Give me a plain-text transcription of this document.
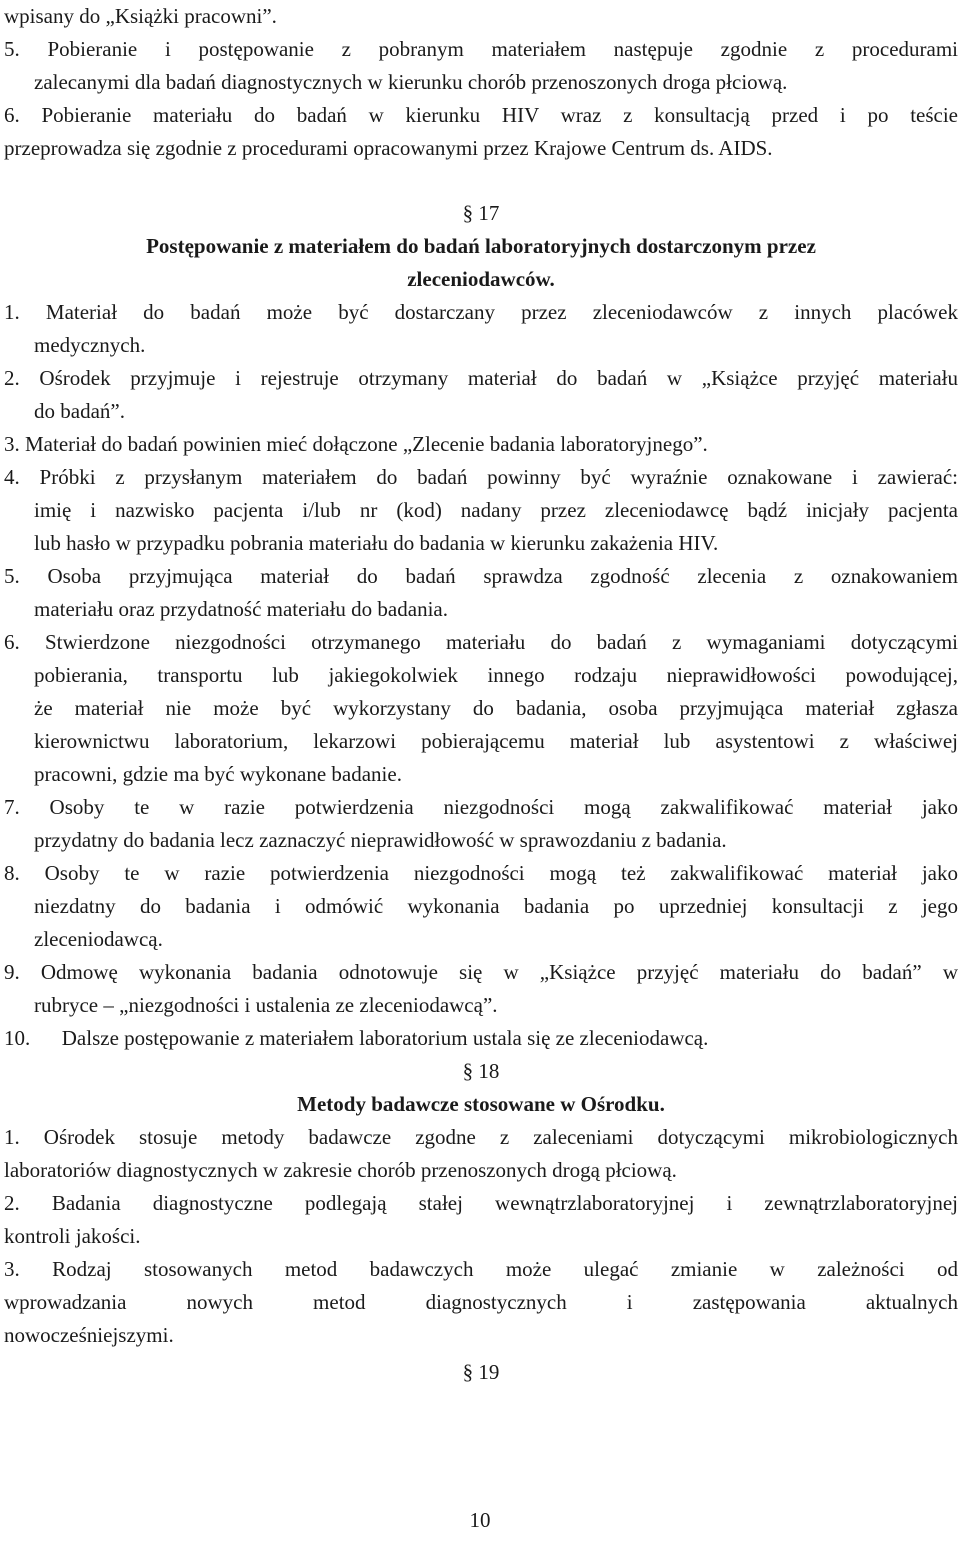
wpisany do „Książki pracowni”.
5. Pobieranie i postępowanie z pobranym materiałem następuje zgodnie z procedurami
zalecanymi dla badań diagnostycznych w kierunku chorób przenoszonych droga płciową.
6. Pobieranie materiału do badań w kierunku HIV wraz z konsultacją przed i po teście
przeprowadza się zgodnie z procedurami opracowanymi przez Krajowe Centrum ds. AIDS.
§ 17
Postępowanie z materiałem do badań laboratoryjnych dostarczonym przez
zleceniodawców.
1. Materiał do badań może być dostarczany przez zleceniodawców z innych placówek
medycznych.
2. Ośrodek przyjmuje i rejestruje otrzymany materiał do badań w „Książce przyjęć materiału
do badań”.
3. Materiał do badań powinien mieć dołączone „Zlecenie badania laboratoryjnego”.
4. Próbki z przysłanym materiałem do badań powinny być wyraźnie oznakowane i zawierać:
imię i nazwisko pacjenta i/lub nr (kod) nadany przez zleceniodawcę bądź inicjały pacjenta
lub hasło w przypadku pobrania materiału do badania w kierunku zakażenia HIV.
5. Osoba przyjmująca materiał do badań sprawdza zgodność zlecenia z oznakowaniem
materiału oraz przydatność materiału do badania.
6. Stwierdzone niezgodności otrzymanego materiału do badań z wymaganiami dotyczącymi
pobierania, transportu lub jakiegokolwiek innego rodzaju nieprawidłowości powodującej,
że materiał nie może być wykorzystany do badania, osoba przyjmująca materiał zgłasza
kierownictwu laboratorium, lekarzowi pobierającemu materiał lub asystentowi z właściwej
pracowni, gdzie ma być wykonane badanie.
7. Osoby te w razie potwierdzenia niezgodności mogą zakwalifikować materiał jako
przydatny do badania lecz zaznaczyć nieprawidłowość w sprawozdaniu z badania.
8. Osoby te w razie potwierdzenia niezgodności mogą też zakwalifikować materiał jako
niezdatny do badania i odmówić wykonania badania po uprzedniej konsultacji z jego
zleceniodawcą.
9. Odmowę wykonania badania odnotowuje się w „Książce przyjęć materiału do badań” w
rubryce – „niezgodności i ustalenia ze zleceniodawcą”.
10.      Dalsze postępowanie z materiałem laboratorium ustala się ze zleceniodawcą.
§ 18
Metody badawcze stosowane w Ośrodku.
1. Ośrodek stosuje metody badawcze zgodne z zaleceniami dotyczącymi mikrobiologicznych
laboratoriów diagnostycznych w zakresie chorób przenoszonych drogą płciową.
2. Badania diagnostyczne podlegają stałej wewnątrzlaboratoryjnej i zewnątrzlaboratoryjnej
kontroli jakości.
3. Rodzaj stosowanych metod badawczych może ulegać zmianie w zależności od
wprowadzania nowych metod diagnostycznych i zastępowania aktualnych
nowocześniejszymi.
§ 19
10
